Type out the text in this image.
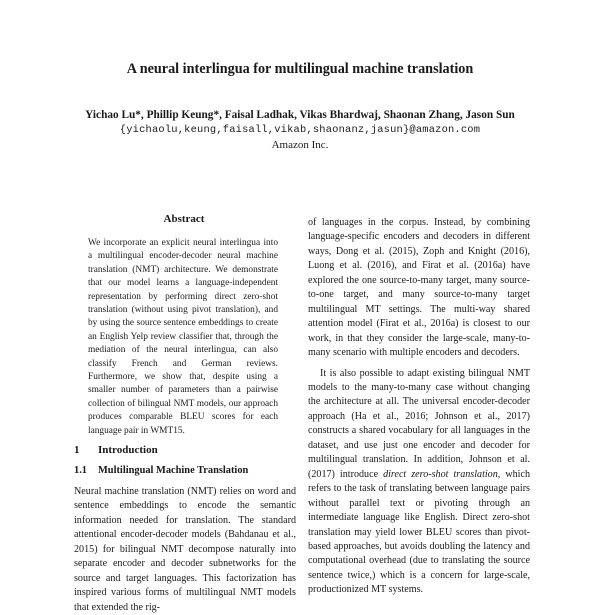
A neural interlingua for multilingual machine translation
Yichao Lu*, Phillip Keung*, Faisal Ladhak, Vikas Bhardwaj, Shaonan Zhang, Jason Sun
{yichaolu,keung,faisall,vikab,shaonanz,jasun}@amazon.com
Amazon Inc.
Abstract
We incorporate an explicit neural interlingua into a multilingual encoder-decoder neural machine translation (NMT) architecture. We demonstrate that our model learns a language-independent representation by performing direct zero-shot translation (without using pivot translation), and by using the source sentence embeddings to create an English Yelp review classifier that, through the mediation of the neural interlingua, can also classify French and German reviews. Furthermore, we show that, despite using a smaller number of parameters than a pairwise collection of bilingual NMT models, our approach produces comparable BLEU scores for each language pair in WMT15.
1 Introduction
1.1 Multilingual Machine Translation

Neural machine translation (NMT) relies on word and sentence embeddings to encode the semantic information needed for translation. The standard attentional encoder-decoder models (Bahdanau et al., 2015) for bilingual NMT decompose naturally into separate encoder and decoder subnetworks for the source and target languages. This factorization has inspired various forms of multilingual NMT models that extended the rig-

of languages in the corpus. Instead, by combining language-specific encoders and decoders in different ways, Dong et al. (2015), Zoph and Knight (2016), Luong et al. (2016), and Firat et al. (2016a) have explored the one source-to-many target, many source-to-one target, and many source-to-many target multilingual MT settings. The multi-way shared attention model (Firat et al., 2016a) is closest to our work, in that they consider the large-scale, many-to-many scenario with multiple encoders and decoders.

It is also possible to adapt existing bilingual NMT models to the many-to-many case without changing the architecture at all. The universal encoder-decoder approach (Ha et al., 2016; Johnson et al., 2017) constructs a shared vocabulary for all languages in the dataset, and use just one encoder and decoder for multilingual translation. In addition, Johnson et al. (2017) introduce direct zero-shot translation, which refers to the task of translating between language pairs without parallel text or pivoting through an intermediate language like English. Direct zero-shot translation may yield lower BLEU scores than pivot-based approaches, but avoids doubling the latency and computational overhead (due to translating the source sentence twice,) which is a concern for large-scale, productionized MT systems.
